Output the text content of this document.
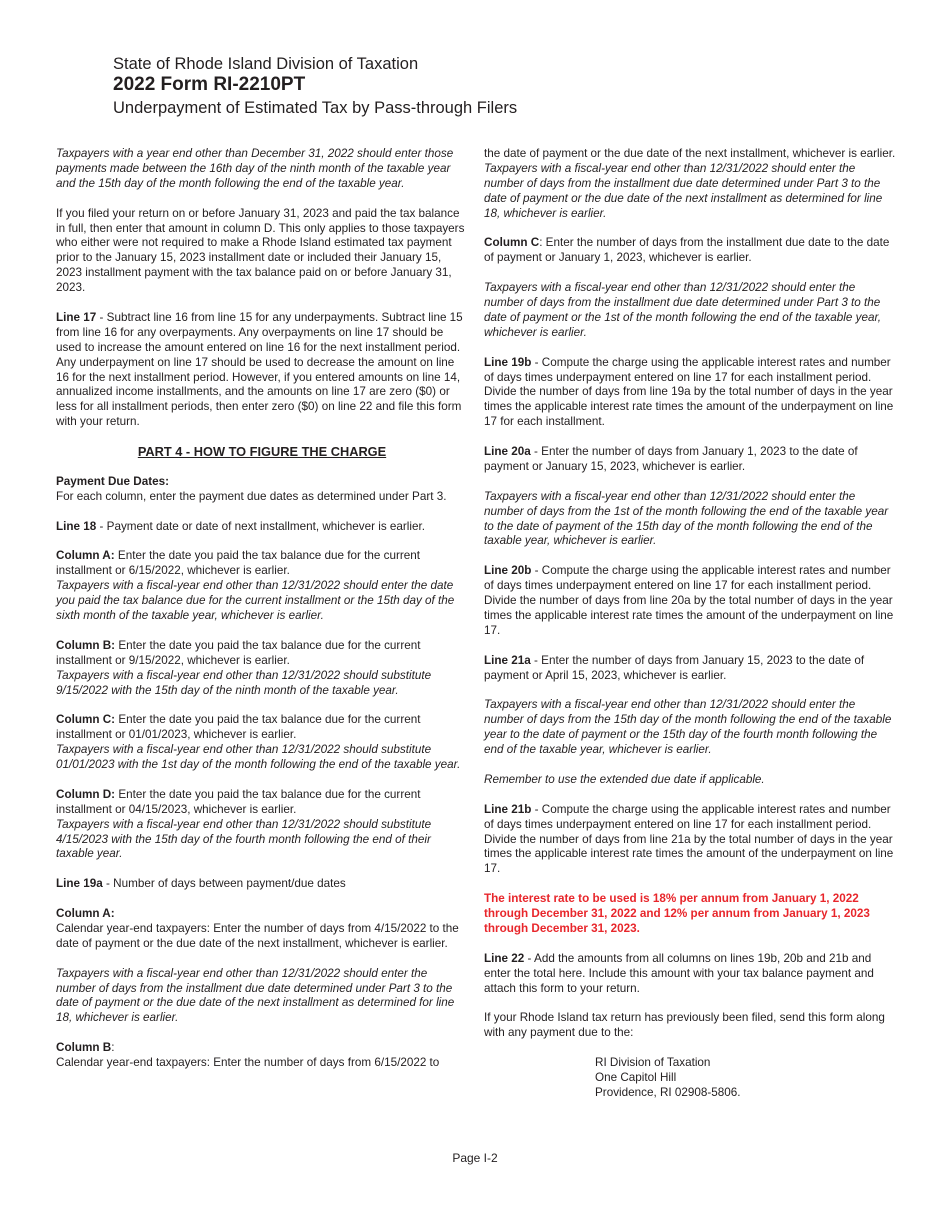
State of Rhode Island Division of Taxation
2022 Form RI-2210PT
Underpayment of Estimated Tax by Pass-through Filers

Taxpayers with a year end other than December 31, 2022 should enter those payments made between the 16th day of the ninth month of the taxable year and the 15th day of the month following the end of the taxable year.

If you filed your return on or before January 31, 2023 and paid the tax balance in full, then enter that amount in column D. This only applies to those taxpayers who either were not required to make a Rhode Island estimated tax payment prior to the January 15, 2023 installment date or included their January 15, 2023 installment payment with the tax balance paid on or before January 31, 2023.

Line 17 - Subtract line 16 from line 15 for any underpayments. Subtract line 15 from line 16 for any overpayments. Any overpayments on line 17 should be used to increase the amount entered on line 16 for the next installment period. Any underpayment on line 17 should be used to decrease the amount on line 16 for the next installment period. However, if you entered amounts on line 14, annualized income installments, and the amounts on line 17 are zero ($0) or less for all installment periods, then enter zero ($0) on line 22 and file this form with your return.

PART 4 - HOW TO FIGURE THE CHARGE

Payment Due Dates:
For each column, enter the payment due dates as determined under Part 3.

Line 18 - Payment date or date of next installment, whichever is earlier.

Column A: Enter the date you paid the tax balance due for the current installment or 6/15/2022, whichever is earlier.
Taxpayers with a fiscal-year end other than 12/31/2022 should enter the date you paid the tax balance due for the current installment or the 15th day of the sixth month of the taxable year, whichever is earlier.

Column B: Enter the date you paid the tax balance due for the current installment or 9/15/2022, whichever is earlier.
Taxpayers with a fiscal-year end other than 12/31/2022 should substitute 9/15/2022 with the 15th day of the ninth month of the taxable year.

Column C: Enter the date you paid the tax balance due for the current installment or 01/01/2023, whichever is earlier.
Taxpayers with a fiscal-year end other than 12/31/2022 should substitute 01/01/2023 with the 1st day of the month following the end of the taxable year.

Column D: Enter the date you paid the tax balance due for the current installment or 04/15/2023, whichever is earlier.
Taxpayers with a fiscal-year end other than 12/31/2022 should substitute 4/15/2023 with the 15th day of the fourth month following the end of their taxable year.

Line 19a - Number of days between payment/due dates

Column A:
Calendar year-end taxpayers: Enter the number of days from 4/15/2022 to the date of payment or the due date of the next installment, whichever is earlier.

Taxpayers with a fiscal-year end other than 12/31/2022 should enter the number of days from the installment due date determined under Part 3 to the date of payment or the due date of the next installment as determined for line 18, whichever is earlier.

Column B:
Calendar year-end taxpayers: Enter the number of days from 6/15/2022 to

the date of payment or the due date of the next installment, whichever is earlier.

Taxpayers with a fiscal-year end other than 12/31/2022 should enter the number of days from the installment due date determined under Part 3 to the date of payment or the due date of the next installment as determined for line 18, whichever is earlier.

Column C: Enter the number of days from the installment due date to the date of payment or January 1, 2023, whichever is earlier.

Taxpayers with a fiscal-year end other than 12/31/2022 should enter the number of days from the installment due date determined under Part 3 to the date of payment or the 1st of the month following the end of the taxable year, whichever is earlier.

Line 19b - Compute the charge using the applicable interest rates and number of days times underpayment entered on line 17 for each installment period. Divide the number of days from line 19a by the total number of days in the year times the applicable interest rate times the amount of the underpayment on line 17 for each installment.

Line 20a - Enter the number of days from January 1, 2023 to the date of payment or January 15, 2023, whichever is earlier.

Taxpayers with a fiscal-year end other than 12/31/2022 should enter the number of days from the 1st of the month following the end of the taxable year to the date of payment of the 15th day of the month following the end of the taxable year, whichever is earlier.

Line 20b - Compute the charge using the applicable interest rates and number of days times underpayment entered on line 17 for each installment period. Divide the number of days from line 20a by the total number of days in the year times the applicable interest rate times the amount of the underpayment on line 17.

Line 21a - Enter the number of days from January 15, 2023 to the date of payment or April 15, 2023, whichever is earlier.

Taxpayers with a fiscal-year end other than 12/31/2022 should enter the number of days from the 15th day of the month following the end of the taxable year to the date of payment or the 15th day of the fourth month following the end of the taxable year, whichever is earlier.

Remember to use the extended due date if applicable.

Line 21b - Compute the charge using the applicable interest rates and number of days times underpayment entered on line 17 for each installment period. Divide the number of days from line 21a by the total number of days in the year times the applicable interest rate times the amount of the underpayment on line 17.

The interest rate to be used is 18% per annum from January 1, 2022 through December 31, 2022 and 12% per annum from January 1, 2023 through December 31, 2023.

Line 22 - Add the amounts from all columns on lines 19b, 20b and 21b and enter the total here. Include this amount with your tax balance payment and attach this form to your return.

If your Rhode Island tax return has previously been filed, send this form along with any payment due to the:

RI Division of Taxation
One Capitol Hill
Providence, RI 02908-5806.
Page I-2
